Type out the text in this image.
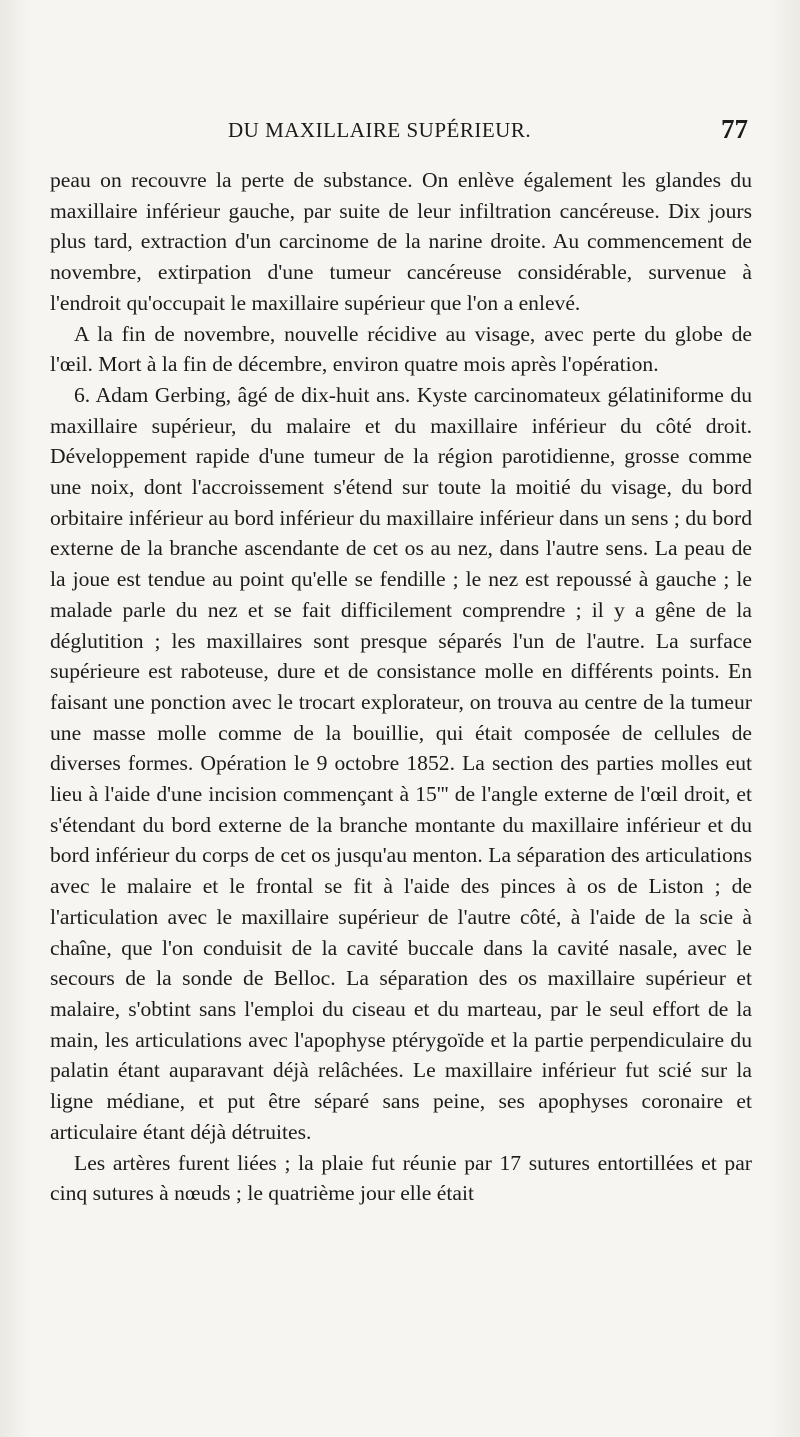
DU MAXILLAIRE SUPÉRIEUR.	77

peau on recouvre la perte de substance. On enlève également les glandes du maxillaire inférieur gauche, par suite de leur infiltration cancéreuse. Dix jours plus tard, extraction d'un carcinome de la narine droite. Au commencement de novembre, extirpation d'une tumeur cancéreuse considérable, survenue à l'endroit qu'occupait le maxillaire supérieur que l'on a enlevé.

A la fin de novembre, nouvelle récidive au visage, avec perte du globe de l'œil. Mort à la fin de décembre, environ quatre mois après l'opération.

6. Adam Gerbing, âgé de dix-huit ans. Kyste carcinomateux gélatiniforme du maxillaire supérieur, du malaire et du maxillaire inférieur du côté droit. Développement rapide d'une tumeur de la région parotidienne, grosse comme une noix, dont l'accroissement s'étend sur toute la moitié du visage, du bord orbitaire inférieur au bord inférieur du maxillaire inférieur dans un sens ; du bord externe de la branche ascendante de cet os au nez, dans l'autre sens. La peau de la joue est tendue au point qu'elle se fendille ; le nez est repoussé à gauche ; le malade parle du nez et se fait difficilement comprendre ; il y a gêne de la déglutition ; les maxillaires sont presque séparés l'un de l'autre. La surface supérieure est raboteuse, dure et de consistance molle en différents points. En faisant une ponction avec le trocart explorateur, on trouva au centre de la tumeur une masse molle comme de la bouillie, qui était composée de cellules de diverses formes. Opération le 9 octobre 1852. La section des parties molles eut lieu à l'aide d'une incision commençant à 15''' de l'angle externe de l'œil droit, et s'étendant du bord externe de la branche montante du maxillaire inférieur et du bord inférieur du corps de cet os jusqu'au menton. La séparation des articulations avec le malaire et le frontal se fit à l'aide des pinces à os de Liston ; de l'articulation avec le maxillaire supérieur de l'autre côté, à l'aide de la scie à chaîne, que l'on conduisit de la cavité buccale dans la cavité nasale, avec le secours de la sonde de Belloc. La séparation des os maxillaire supérieur et malaire, s'obtint sans l'emploi du ciseau et du marteau, par le seul effort de la main, les articulations avec l'apophyse ptérygoïde et la partie perpendiculaire du palatin étant auparavant déjà relâchées. Le maxillaire inférieur fut scié sur la ligne médiane, et put être séparé sans peine, ses apophyses coronaire et articulaire étant déjà détruites.

Les artères furent liées ; la plaie fut réunie par 17 sutures entortillées et par cinq sutures à nœuds ; le quatrième jour elle était
